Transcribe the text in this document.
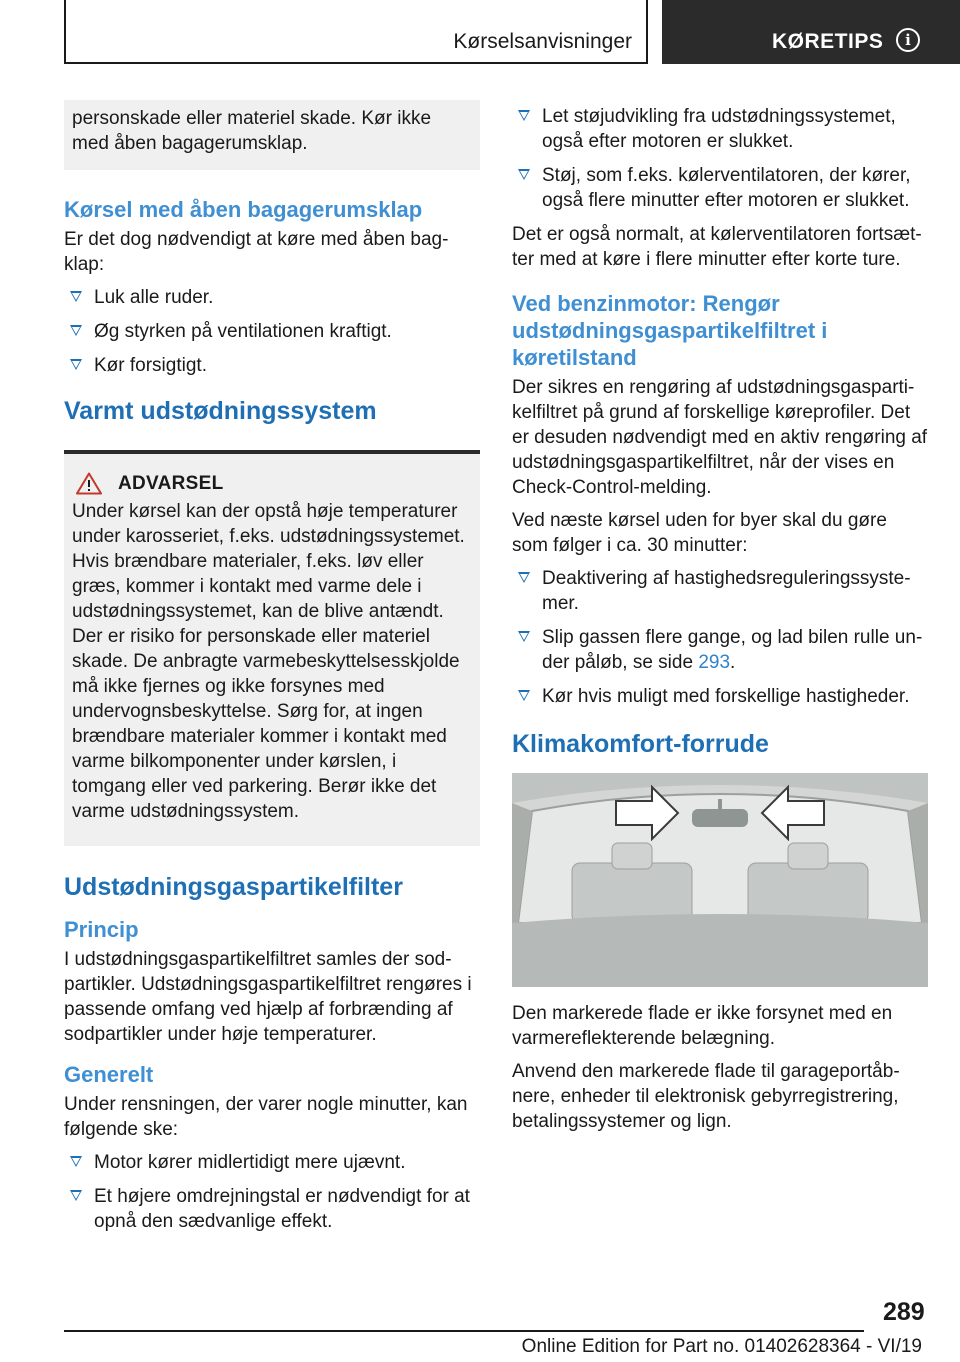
Kørselsanvisninger	KØRETIPS	i

personskade eller materiel skade. Kør ikke med åben bagagerumsklap.

Kørsel med åben bagagerumsklap

Er det dog nødvendigt at køre med åben bagklap:

Luk alle ruder.
Øg styrken på ventilationen kraftigt.
Kør forsigtigt.
Varmt udstødningssystem
ADVARSEL

Under kørsel kan der opstå høje temperaturer under karosseriet, f.eks. udstødningssystemet. Hvis brændbare materialer, f.eks. løv eller græs, kommer i kontakt med varme dele i udstødningssystemet, kan de blive antændt. Der er risiko for personskade eller materiel skade. De anbragte varmebeskyttelsesskjolde må ikke fjernes og ikke forsynes med undervognsbeskyttelse. Sørg for, at ingen brændbare materialer kommer i kontakt med varme bilkomponenter under kørslen, i tomgang eller ved parkering. Berør ikke det varme udstødningssystem.

Udstødningsgaspartikelfilter
Princip

I udstødningsgaspartikelfiltret samles der sodpartikler. Udstødningsgaspartikelfiltret rengøres i passende omfang ved hjælp af forbrænding af sodpartikler under høje temperaturer.

Generelt

Under rensningen, der varer nogle minutter, kan følgende ske:

Motor kører midlertidigt mere ujævnt.
Et højere omdrejningstal er nødvendigt for at opnå den sædvanlige effekt.
Let støjudvikling fra udstødningssystemet, også efter motoren er slukket.
Støj, som f.eks. kølerventilatoren, der kører, også flere minutter efter motoren er slukket.

Det er også normalt, at kølerventilatoren fortsætter med at køre i flere minutter efter korte ture.

Ved benzinmotor: Rengør udstødningsgaspartikelfiltret i køretilstand

Der sikres en rengøring af udstødningsgaspartikelfiltret på grund af forskellige køreprofiler. Det er desuden nødvendigt med en aktiv rengøring af udstødningsgaspartikelfiltret, når der vises en Check-Control-melding.

Ved næste kørsel uden for byer skal du gøre som følger i ca. 30 minutter:

Deaktivering af hastighedsreguleringssystemer.
Slip gassen flere gange, og lad bilen rulle under påløb, se side 293.
Kør hvis muligt med forskellige hastigheder.
Klimakomfort-forrude

Den markerede flade er ikke forsynet med en varmereflekterende belægning.

Anvend den markerede flade til garageportåbnere, enheder til elektronisk gebyrregistrering, betalingssystemer og lign.

289
Online Edition for Part no. 01402628364 - VI/19
